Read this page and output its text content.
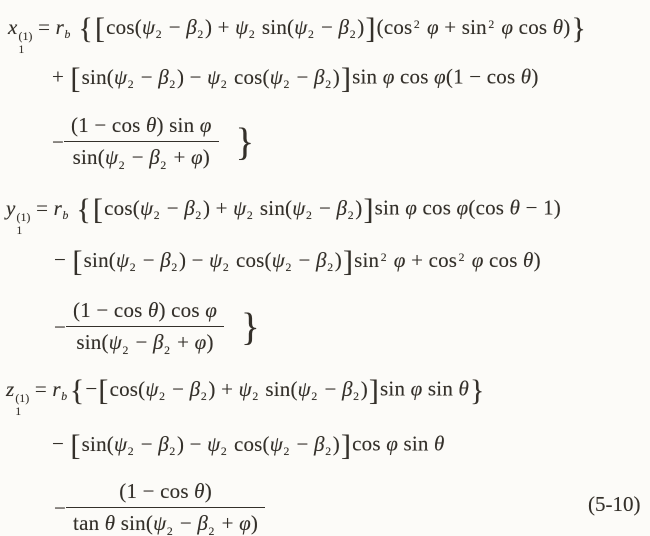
x (1)
1
= $r_b$ {[$\cos(\psi_2 - \beta_2) + \psi_2$ $\sin(\psi_2 - \beta_2)](\cos$ $^2$ φ + sin $^2$ φ cos θ)}
+ [$\sin(\psi_2 - \beta_2) - \psi_2$ $\cos(\psi_2 - \beta_2)]\sin$ φ cos φ(1 − cos θ)
− $\frac{\text{(1 − cos θ) sin φ}}{\sin(\psi_2 - \beta_2 + \varphi)}$ }
y (1)
1
= $r_b$ {[$\cos(\psi_2 - \beta_2) + \psi_2$ $\sin(\psi_2 - \beta_2)]\sin$ φ cos φ(cos θ − 1)
− [$\sin(\psi_2 - \beta_2) - \psi_2$ $\cos(\psi_2 - \beta_2)]\sin$ $^2$ φ + cos $^2$ φ cos θ)
− $\frac{\text{(1 − cos θ) cos φ}}{\sin(\psi_2 - \beta_2 + \varphi)}$ }
z (1)
1
= $r_b\{-[\cos(\psi_2 - \beta_2) + \psi_2$ $\sin(\psi_2 - \beta_2)]\sin$ φ sin θ}
− [$\sin(\psi_2 - \beta_2) - \psi_2$ $\cos(\psi_2 - \beta_2)]\cos$ φ sin θ
− $\frac{\text{(1 − cos θ)}}{\tan \theta \sin(\psi_2 - \beta_2 + \varphi)}$	(5-10)
